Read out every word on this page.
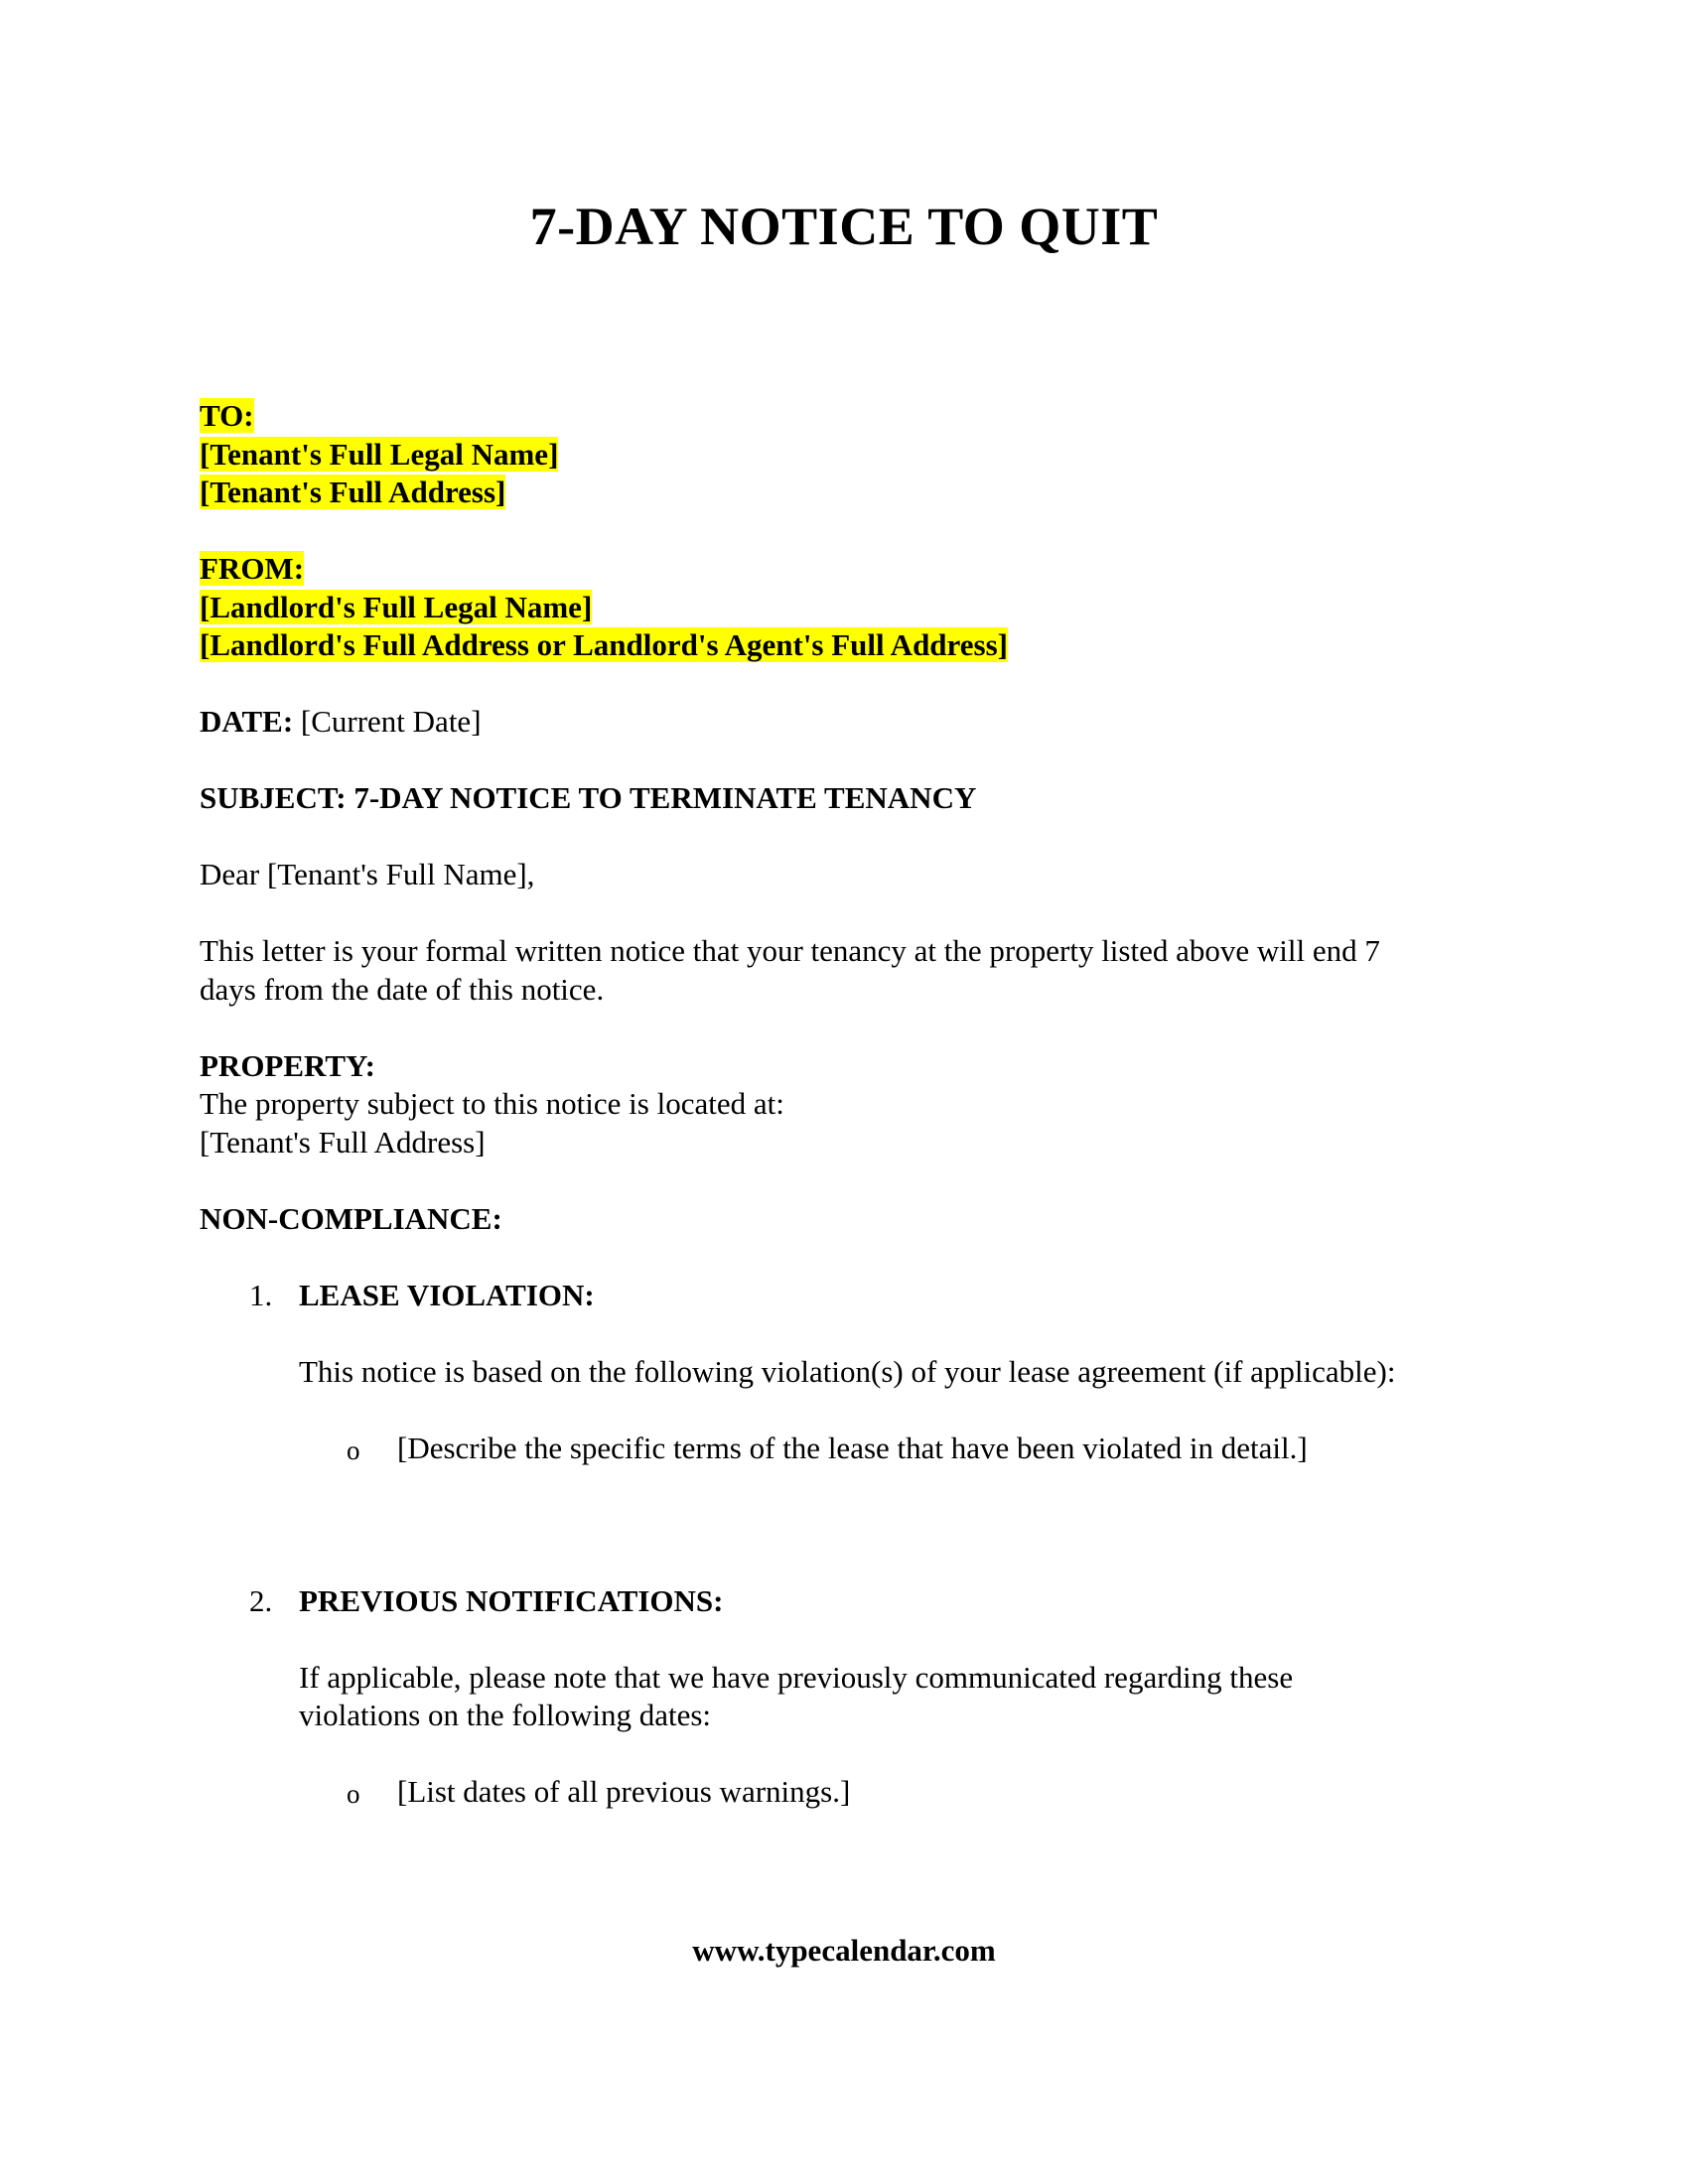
7-DAY NOTICE TO QUIT
TO:
[Tenant's Full Legal Name]
[Tenant's Full Address]
FROM:
[Landlord's Full Legal Name]
[Landlord's Full Address or Landlord's Agent's Full Address]
DATE: [Current Date]
SUBJECT: 7-DAY NOTICE TO TERMINATE TENANCY
Dear [Tenant's Full Name],
This letter is your formal written notice that your tenancy at the property listed above will end 7
days from the date of this notice.
PROPERTY:
The property subject to this notice is located at:
[Tenant's Full Address]
NON-COMPLIANCE:
1. LEASE VIOLATION:
This notice is based on the following violation(s) of your lease agreement (if applicable):
o [Describe the specific terms of the lease that have been violated in detail.]
2. PREVIOUS NOTIFICATIONS:
If applicable, please note that we have previously communicated regarding these
violations on the following dates:
o [List dates of all previous warnings.]
www.typecalendar.com
